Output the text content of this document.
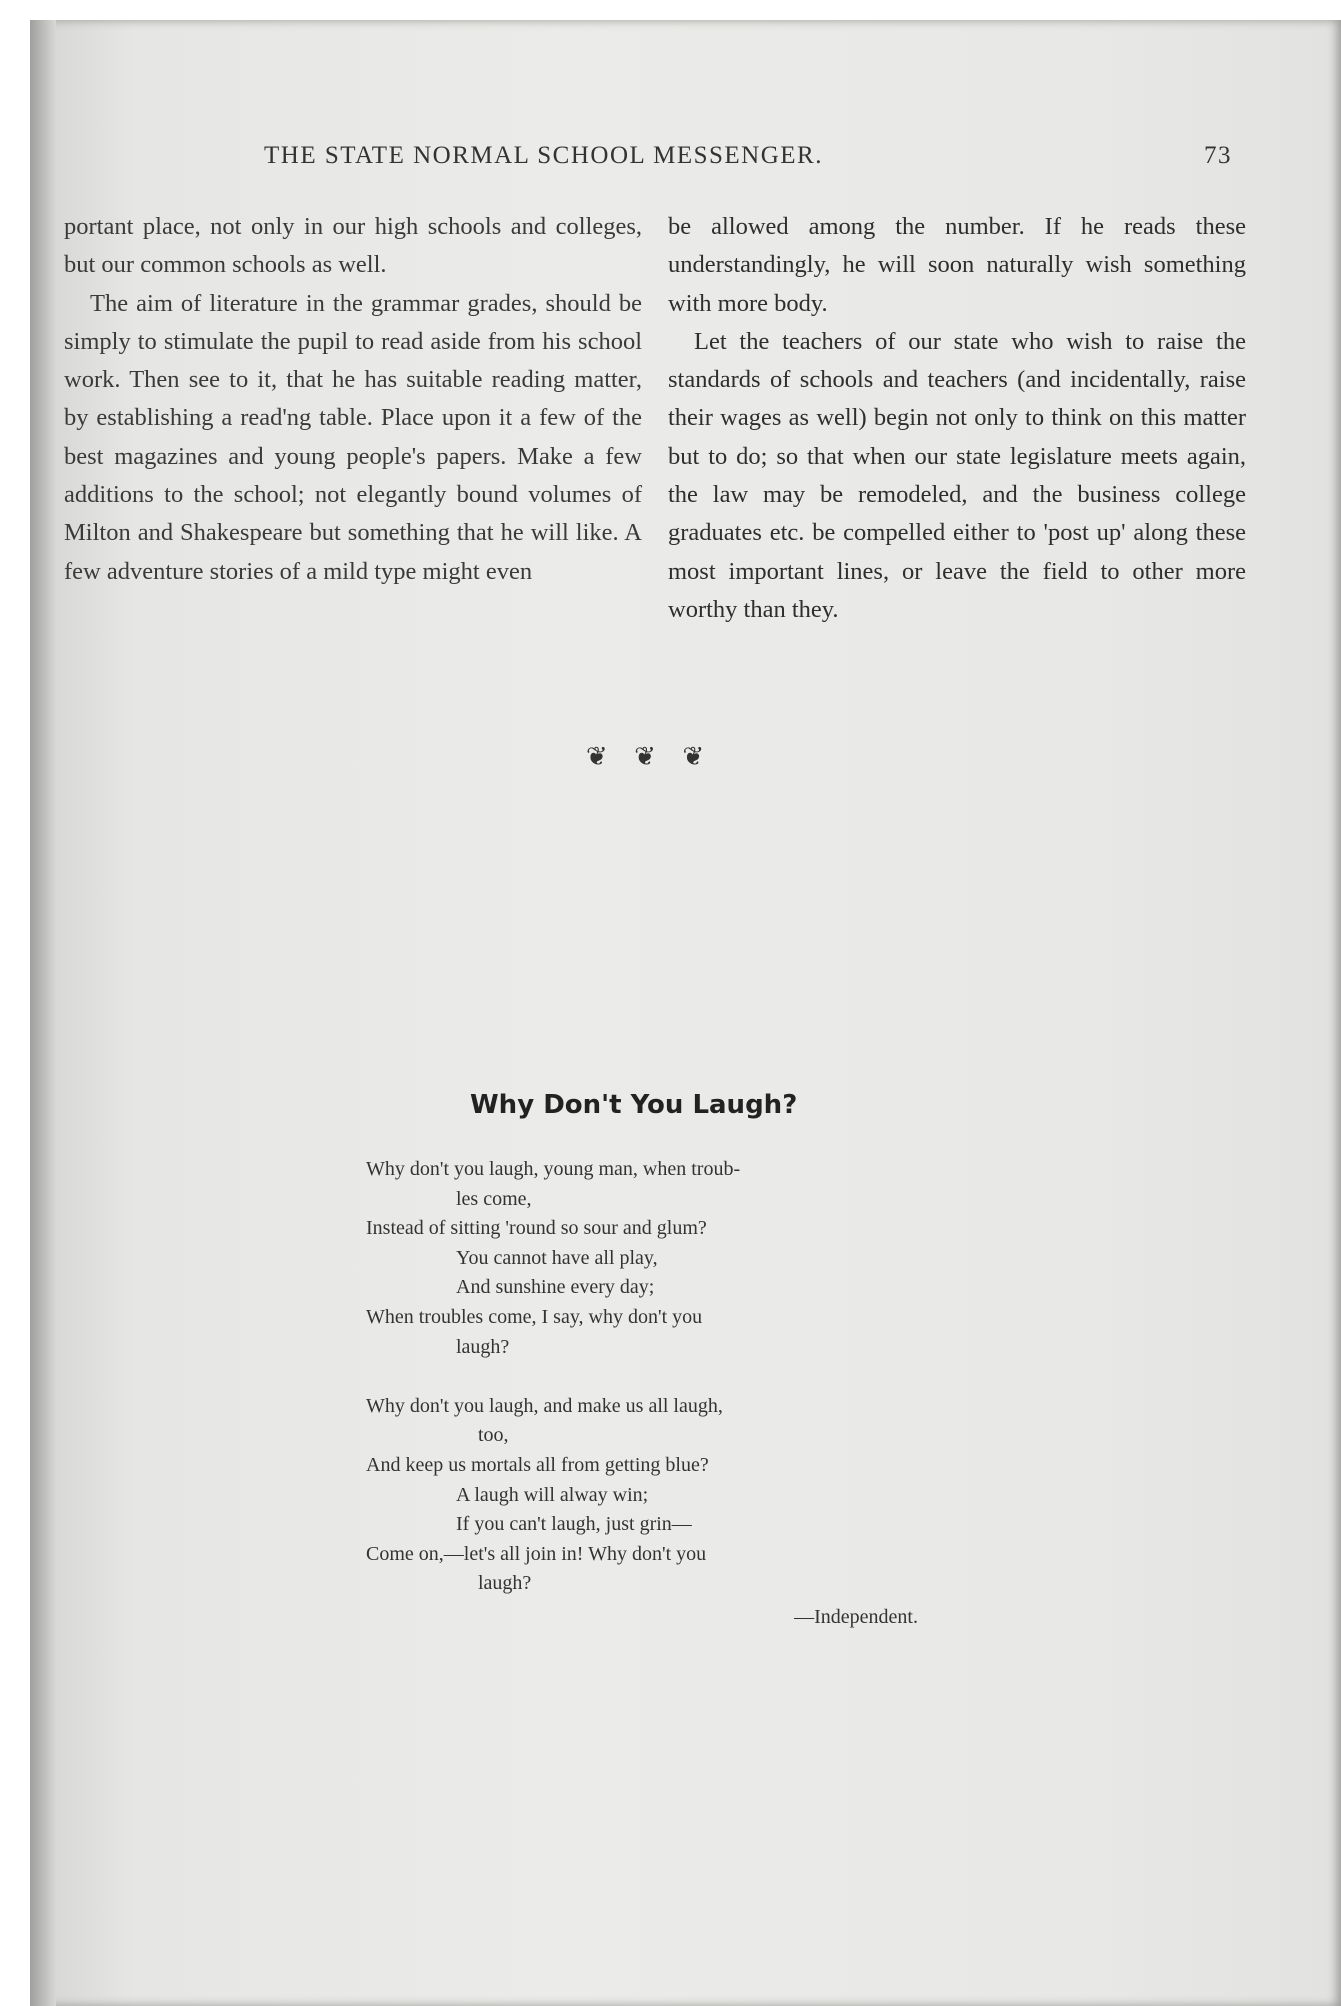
THE STATE NORMAL SCHOOL MESSENGER.	73

portant place, not only in our high schools and colleges, but our common schools as well.

The aim of literature in the grammar grades, should be simply to stimulate the pupil to read aside from his school work. Then see to it, that he has suitable reading matter, by establishing a read'ng table. Place upon it a few of the best magazines and young people's papers. Make a few additions to the school; not elegantly bound volumes of Milton and Shakespeare but something that he will like. A few adventure stories of a mild type might even

be allowed among the number. If he reads these understandingly, he will soon naturally wish something with more body.

Let the teachers of our state who wish to raise the standards of schools and teachers (and incidentally, raise their wages as well) begin not only to think on this matter but to do; so that when our state legislature meets again, the law may be remodeled, and the business college graduates etc. be compelled either to 'post up' along these most important lines, or leave the field to other more worthy than they.

❦ ❦ ❦
Why Don't You Laugh?
Why don't you laugh, young man, when troub-
les come,
Instead of sitting 'round so sour and glum?
You cannot have all play,
And sunshine every day;
When troubles come, I say, why don't you
laugh?
Why don't you laugh, and make us all laugh,
too,
And keep us mortals all from getting blue?
A laugh will alway win;
If you can't laugh, just grin—
Come on,—let's all join in! Why don't you
laugh?
—Independent.
